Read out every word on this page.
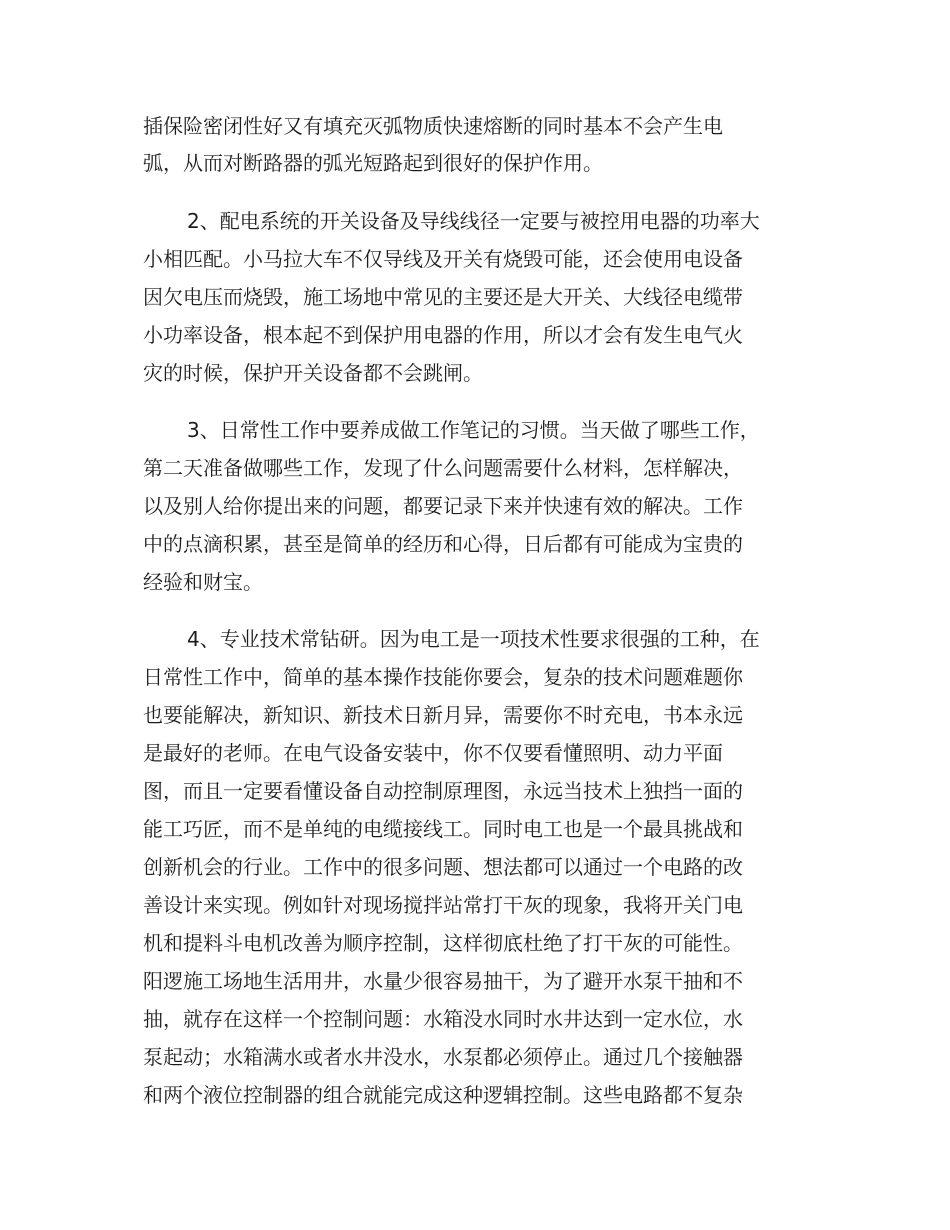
插保险密闭性好又有填充灭弧物质快速熔断的同时基本不会产生电
弧，从而对断路器的弧光短路起到很好的保护作用。
2、配电系统的开关设备及导线线径一定要与被控用电器的功率大
小相匹配。小马拉大车不仅导线及开关有烧毁可能，还会使用电设备
因欠电压而烧毁，施工场地中常见的主要还是大开关、大线径电缆带
小功率设备，根本起不到保护用电器的作用，所以才会有发生电气火
灾的时候，保护开关设备都不会跳闸。
3、日常性工作中要养成做工作笔记的习惯。当天做了哪些工作，
第二天准备做哪些工作，发现了什么问题需要什么材料，怎样解决，
以及别人给你提出来的问题，都要记录下来并快速有效的解决。工作
中的点滴积累，甚至是简单的经历和心得，日后都有可能成为宝贵的
经验和财宝。
4、专业技术常钻研。因为电工是一项技术性要求很强的工种，在
日常性工作中，简单的基本操作技能你要会，复杂的技术问题难题你
也要能解决，新知识、新技术日新月异，需要你不时充电，书本永远
是最好的老师。在电气设备安装中，你不仅要看懂照明、动力平面
图，而且一定要看懂设备自动控制原理图，永远当技术上独挡一面的
能工巧匠，而不是单纯的电缆接线工。同时电工也是一个最具挑战和
创新机会的行业。工作中的很多问题、想法都可以通过一个电路的改
善设计来实现。例如针对现场搅拌站常打干灰的现象，我将开关门电
机和提料斗电机改善为顺序控制，这样彻底杜绝了打干灰的可能性。
阳逻施工场地生活用井，水量少很容易抽干，为了避开水泵干抽和不
抽，就存在这样一个控制问题：水箱没水同时水井达到一定水位，水
泵起动；水箱满水或者水井没水，水泵都必须停止。通过几个接触器
和两个液位控制器的组合就能完成这种逻辑控制。这些电路都不复杂
